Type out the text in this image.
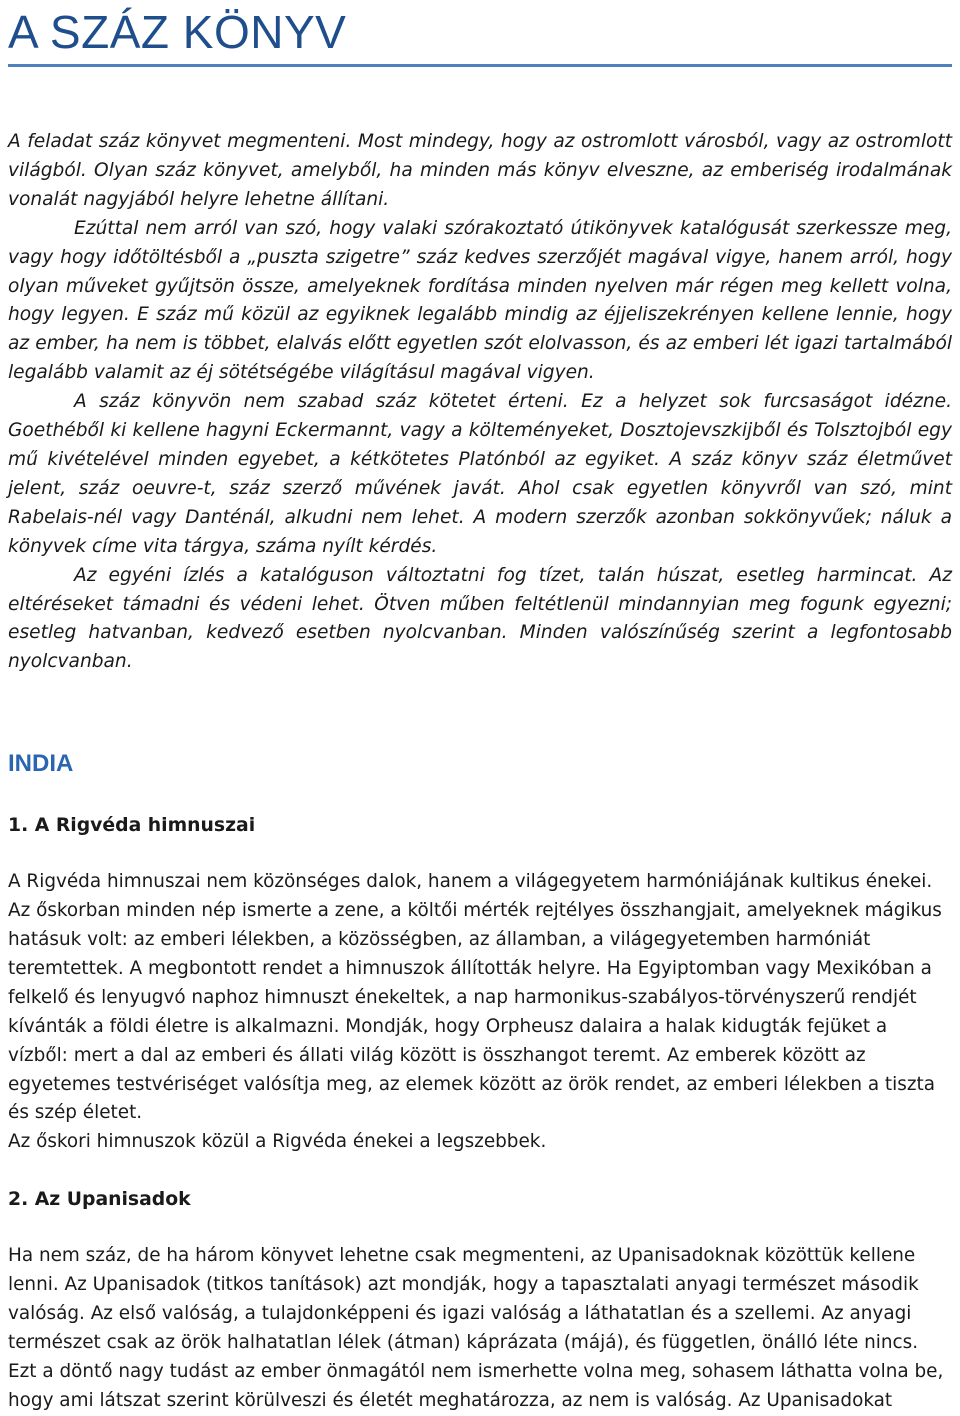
A SZÁZ KÖNYV

A feladat száz könyvet megmenteni. Most mindegy, hogy az ostromlott városból, vagy az ostromlott világból. Olyan száz könyvet, amelyből, ha minden más könyv elveszne, az emberiség irodalmának vonalát nagyjából helyre lehetne állítani.

Ezúttal nem arról van szó, hogy valaki szórakoztató útikönyvek katalógusát szerkessze meg, vagy hogy időtöltésből a „puszta szigetre” száz kedves szerzőjét magával vigye, hanem arról, hogy olyan műveket gyűjtsön össze, amelyeknek fordítása minden nyelven már régen meg kellett volna, hogy legyen. E száz mű közül az egyiknek legalább mindig az éjjeliszekrényen kellene lennie, hogy az ember, ha nem is többet, elalvás előtt egyetlen szót elolvasson, és az emberi lét igazi tartalmából legalább valamit az éj sötétségébe világításul magával vigyen.

A száz könyvön nem szabad száz kötetet érteni. Ez a helyzet sok furcsaságot idézne. Goethéből ki kellene hagyni Eckermannt, vagy a költeményeket, Dosztojevszkijből és Tolsztojból egy mű kivételével minden egyebet, a kétkötetes Platónból az egyiket. A száz könyv száz életművet jelent, száz oeuvre-t, száz szerző művének javát. Ahol csak egyetlen könyvről van szó, mint Rabelais-nél vagy Danténál, alkudni nem lehet. A modern szerzők azonban sokkönyvűek; náluk a könyvek címe vita tárgya, száma nyílt kérdés.

Az egyéni ízlés a katalóguson változtatni fog tízet, talán húszat, esetleg harmincat. Az eltéréseket támadni és védeni lehet. Ötven műben feltétlenül mindannyian meg fogunk egyezni; esetleg hatvanban, kedvező esetben nyolcvanban. Minden valószínűség szerint a legfontosabb nyolcvanban.

INDIA
1. A Rigvéda himnuszai

A Rigvéda himnuszai nem közönséges dalok, hanem a világegyetem harmóniájának kultikus énekei. Az őskorban minden nép ismerte a zene, a költői mérték rejtélyes összhangjait, amelyeknek mágikus hatásuk volt: az emberi lélekben, a közösségben, az államban, a világegyetemben harmóniát teremtettek. A megbontott rendet a himnuszok állították helyre. Ha Egyiptomban vagy Mexikóban a felkelő és lenyugvó naphoz himnuszt énekeltek, a nap harmonikus-szabályos-törvényszerű rendjét kívánták a földi életre is alkalmazni. Mondják, hogy Orpheusz dalaira a halak kidugták fejüket a vízből: mert a dal az emberi és állati világ között is összhangot teremt. Az emberek között az egyetemes testvériséget valósítja meg, az elemek között az örök rendet, az emberi lélekben a tiszta és szép életet.

Az őskori himnuszok közül a Rigvéda énekei a legszebbek.

2. Az Upanisadok

Ha nem száz, de ha három könyvet lehetne csak megmenteni, az Upanisadoknak közöttük kellene lenni. Az Upanisadok (titkos tanítások) azt mondják, hogy a tapasztalati anyagi természet második valóság. Az első valóság, a tulajdonképpeni és igazi valóság a láthatatlan és a szellemi. Az anyagi természet csak az örök halhatatlan lélek (átman) káprázata (májá), és független, önálló léte nincs. Ezt a döntő nagy tudást az ember önmagától nem ismerhette volna meg, sohasem láthatta volna be, hogy ami látszat szerint körülveszi és életét meghatározza, az nem is valóság. Az Upanisadokat
